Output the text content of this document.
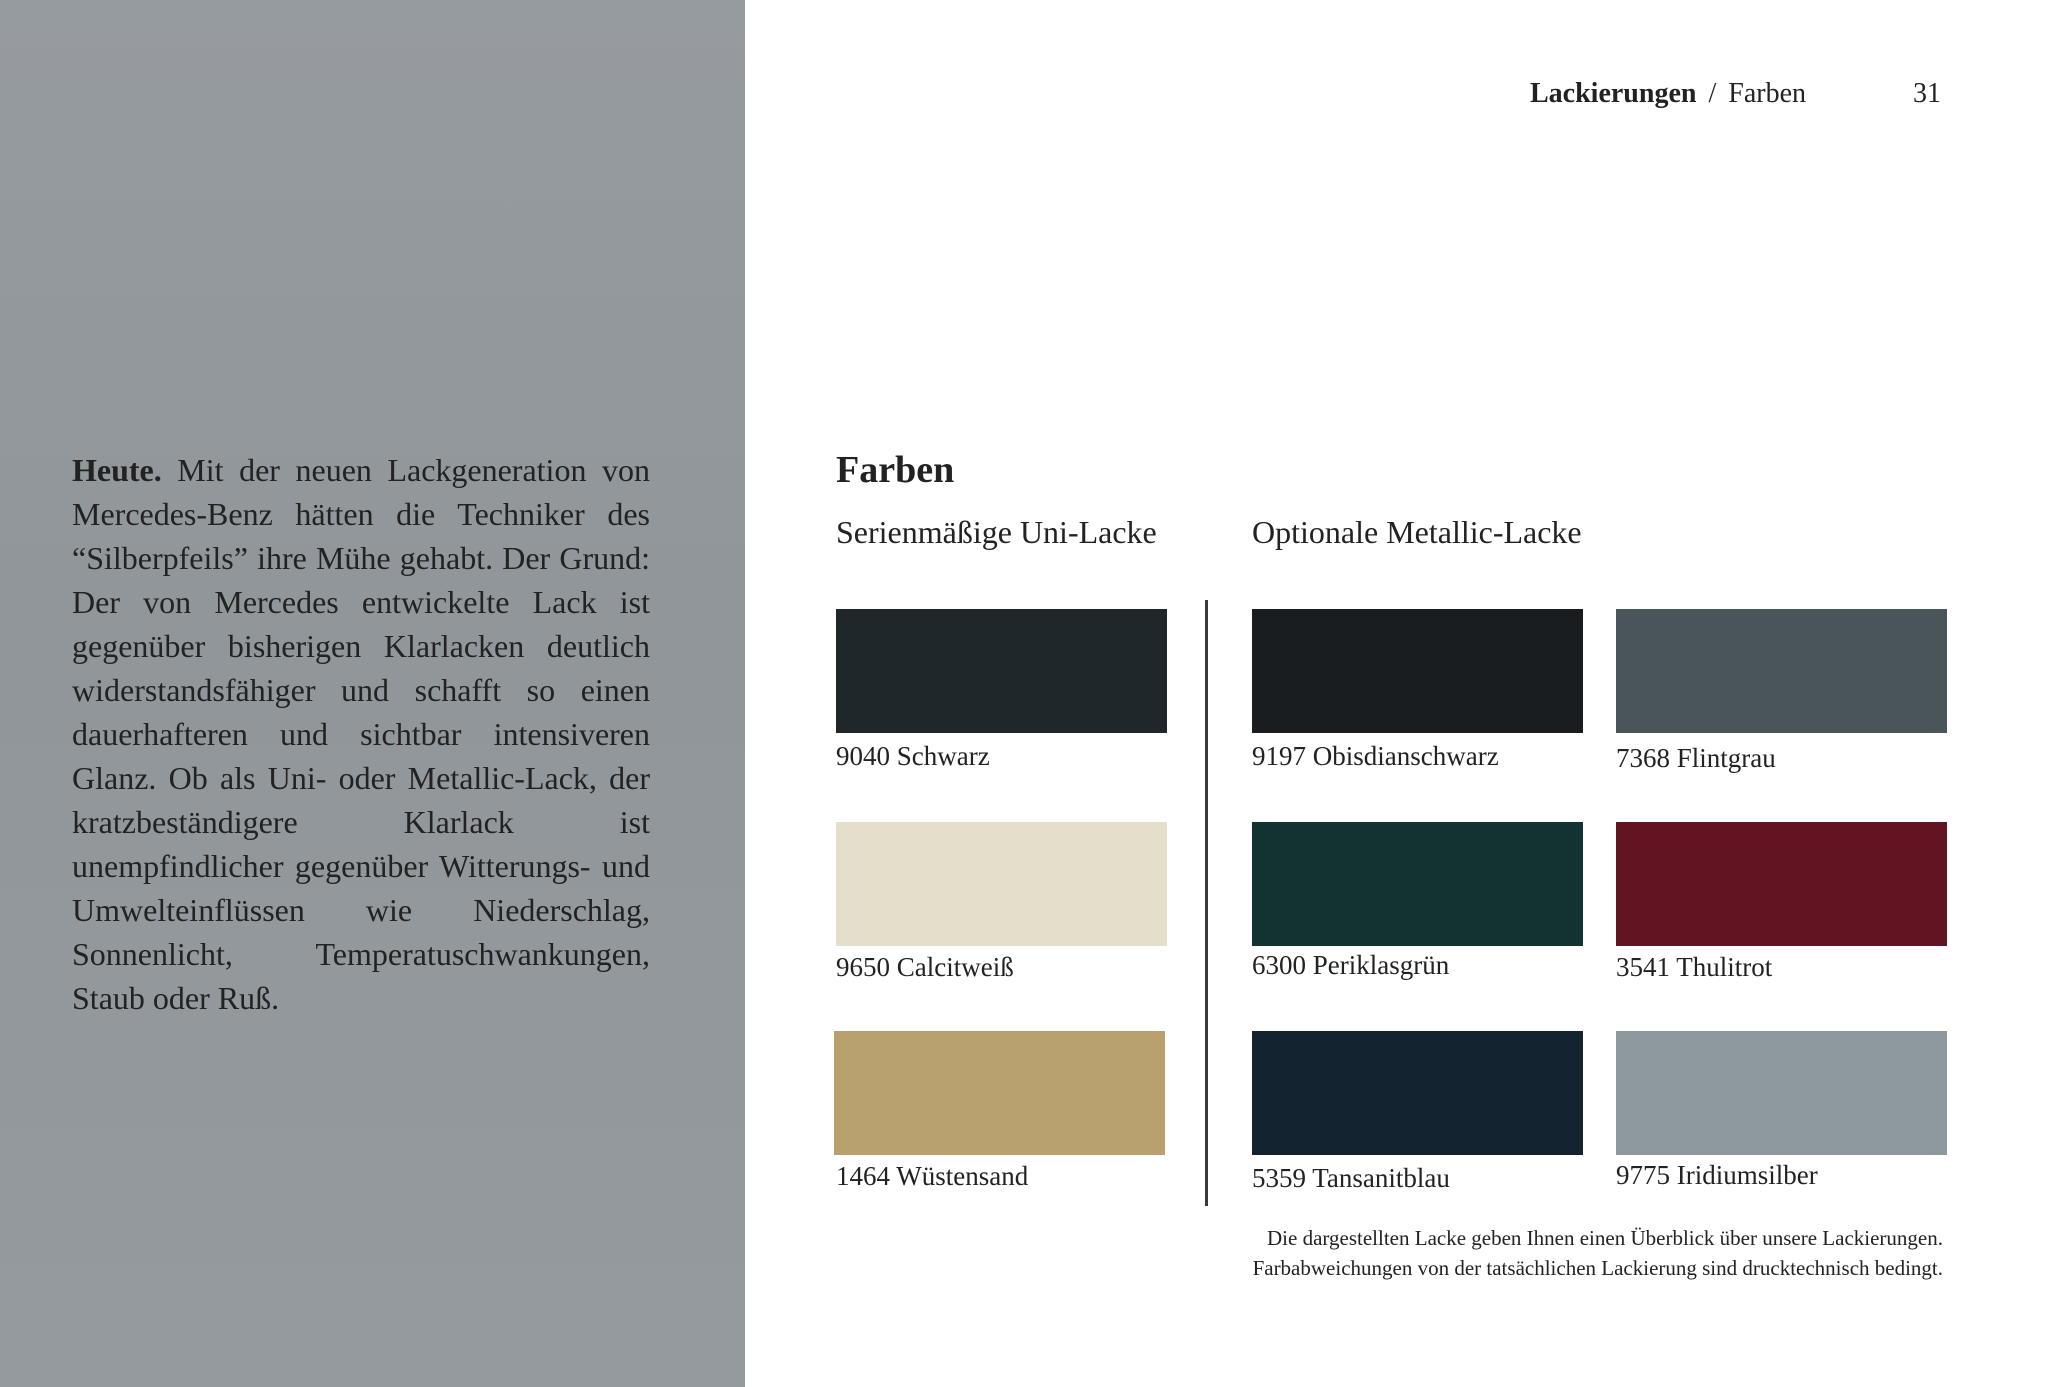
Heute. Mit der neuen Lackgeneration von Mercedes-Benz hätten die Techniker des “Silberpfeils” ihre Mühe gehabt. Der Grund: Der von Mercedes entwickelte Lack ist gegenüber bisherigen Klarlacken deutlich widerstandsfähiger und schafft so einen dauerhafteren und sichtbar intensiveren Glanz. Ob als Uni- oder Metallic-Lack, der kratzbeständigere Klarlack ist unempfindlicher gegenüber Witterungs- und Umwelteinflüssen wie Niederschlag, Sonnenlicht, Temperatuschwankungen, Staub oder Ruß.

Lackierungen / Farben	31
Farben
Serienmäßige Uni-Lacke	Optionale Metallic-Lacke
9040 Schwarz
9650 Calcitweiß
1464 Wüstensand
9197 Obisdianschwarz	7368 Flintgrau
6300 Periklasgrün	3541 Thulitrot
5359 Tansanitblau	9775 Iridiumsilber

Die dargestellten Lacke geben Ihnen einen Überblick über unsere Lackierungen.
Farbabweichungen von der tatsächlichen Lackierung sind drucktechnisch bedingt.
